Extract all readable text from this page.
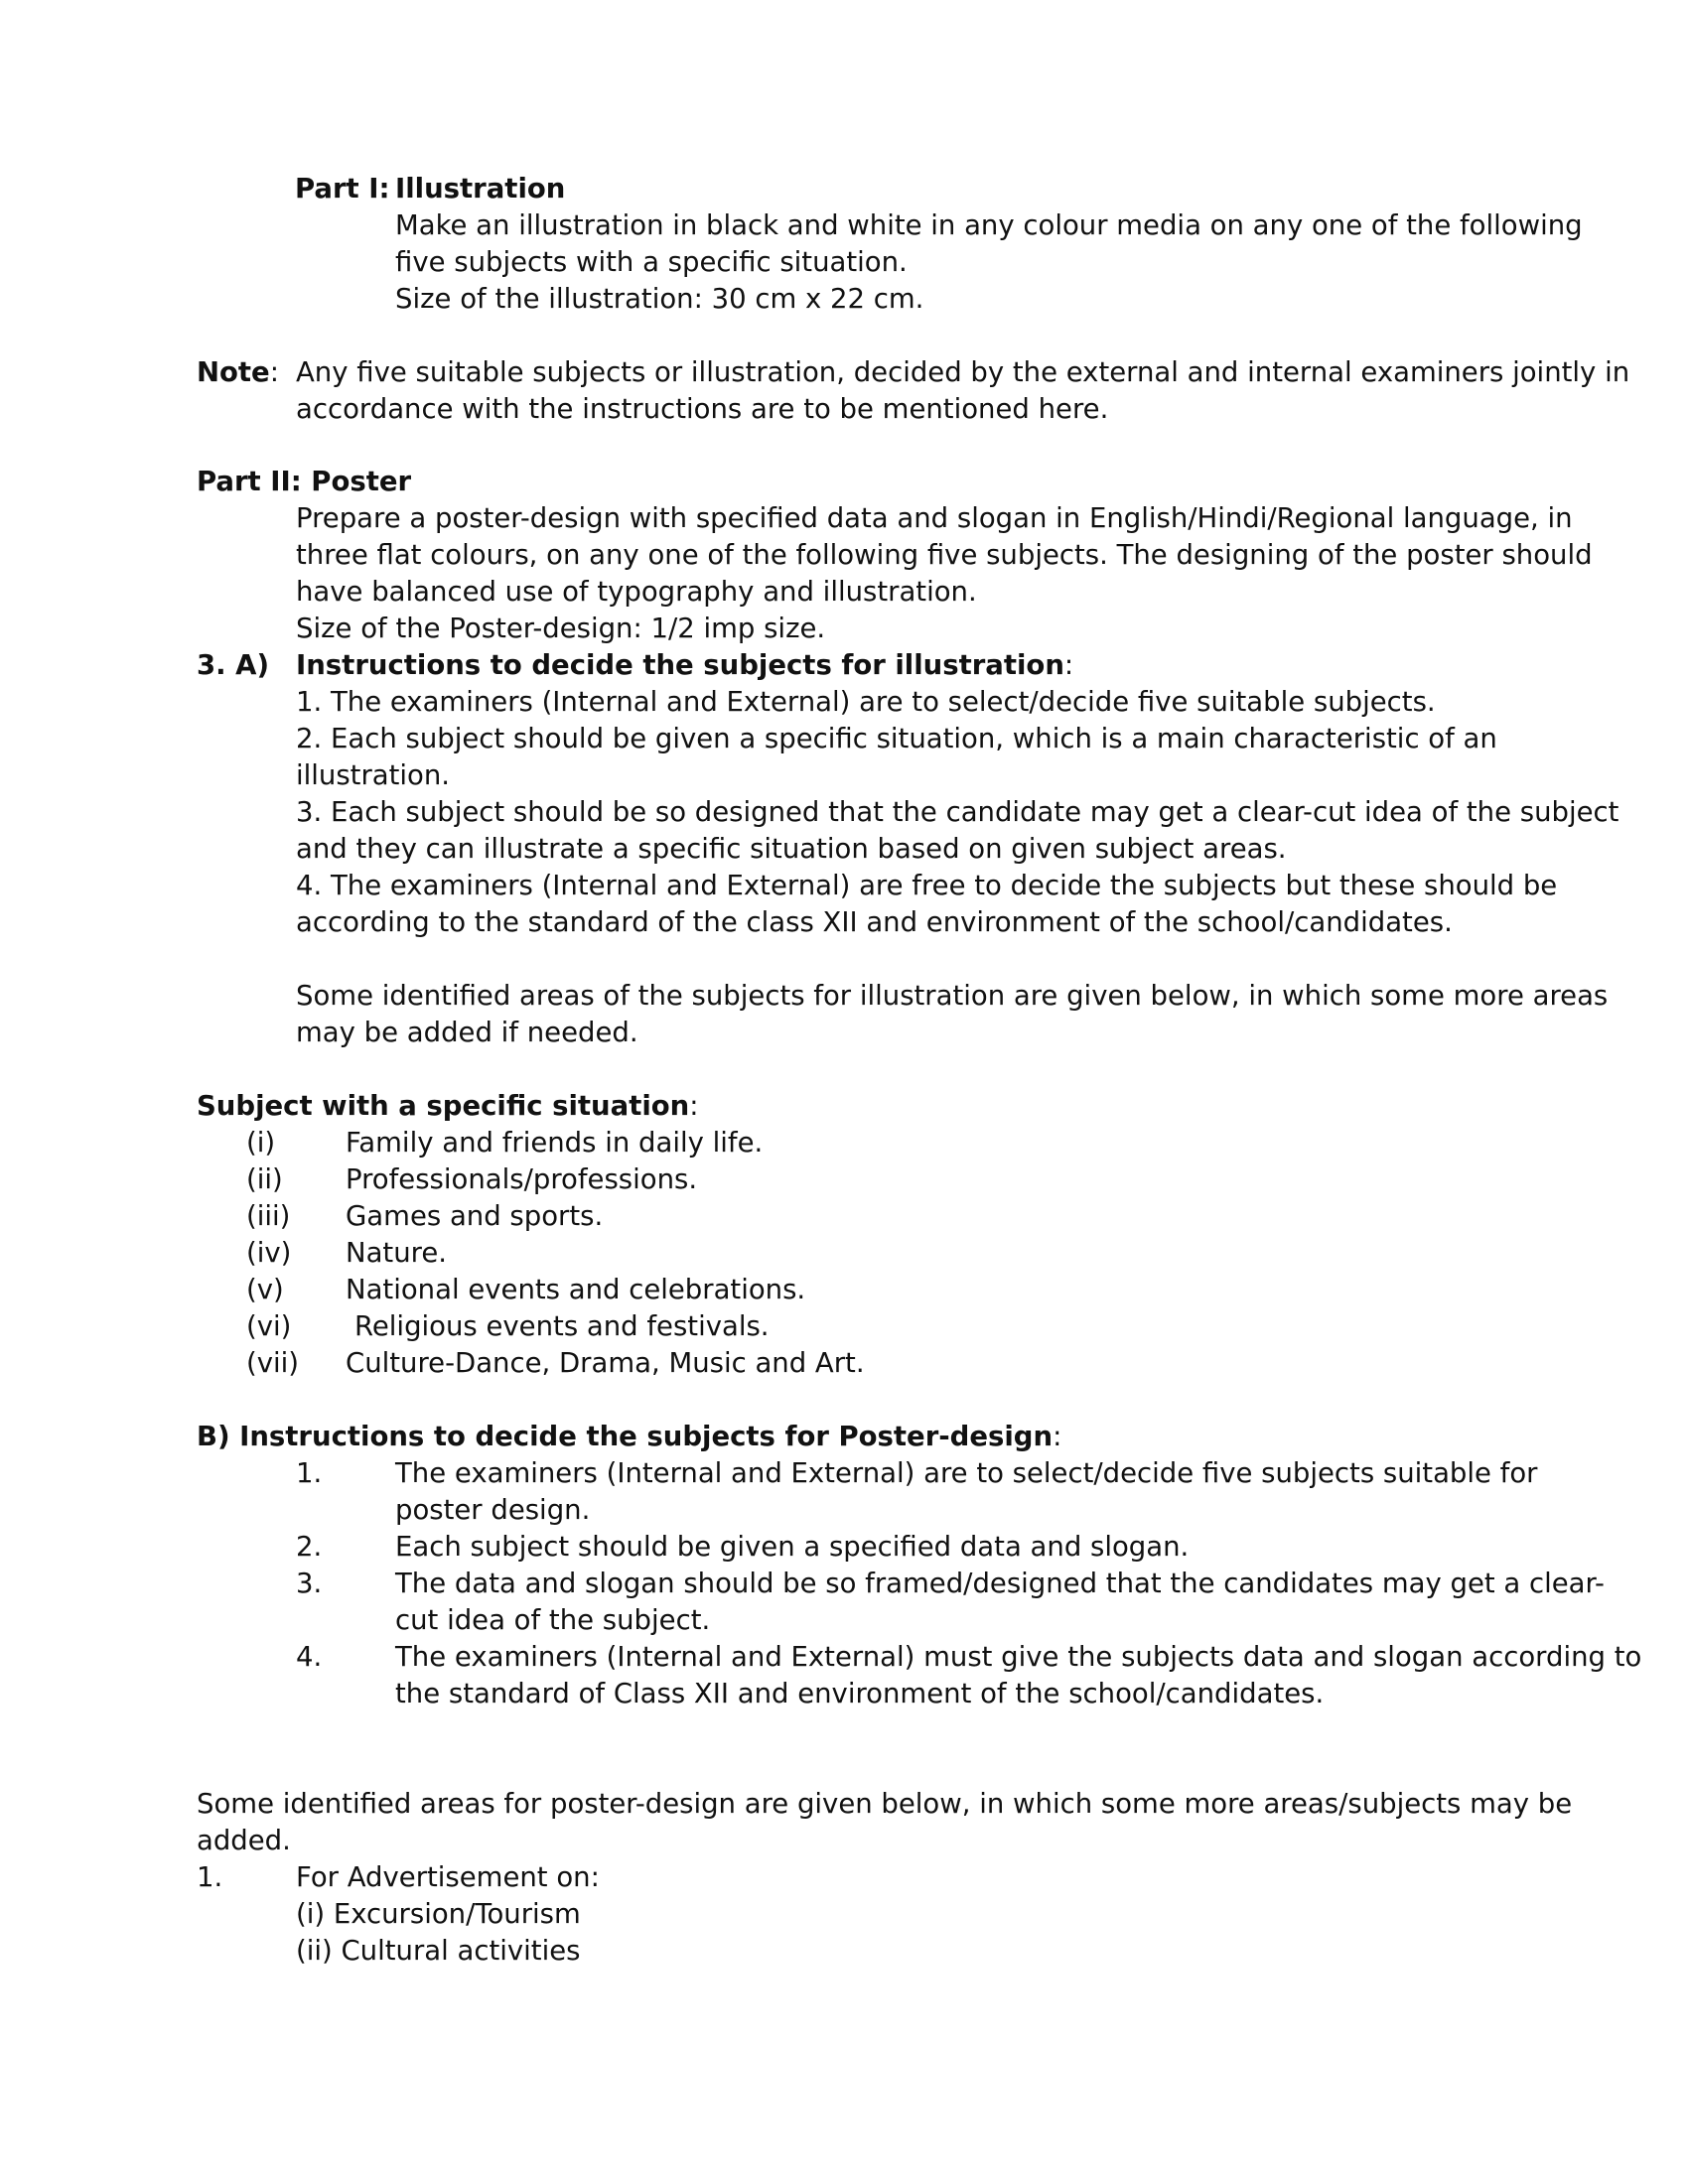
Part I: Illustration
Make an illustration in black and white in any colour media on any one of the following
five subjects with a specific situation.
Size of the illustration: 30 cm x 22 cm.
Note: Any five suitable subjects or illustration, decided by the external and internal examiners jointly in
accordance with the instructions are to be mentioned here.
Part II: Poster
Prepare a poster-design with specified data and slogan in English/Hindi/Regional language, in
three flat colours, on any one of the following five subjects. The designing of the poster should
have balanced use of typography and illustration.
Size of the Poster-design: 1/2 imp size.
3. A) Instructions to decide the subjects for illustration:
1. The examiners (Internal and External) are to select/decide five suitable subjects.
2. Each subject should be given a specific situation, which is a main characteristic of an
illustration.
3. Each subject should be so designed that the candidate may get a clear-cut idea of the subject
and they can illustrate a specific situation based on given subject areas.
4. The examiners (Internal and External) are free to decide the subjects but these should be
according to the standard of the class XII and environment of the school/candidates.
Some identified areas of the subjects for illustration are given below, in which some more areas
may be added if needed.
Subject with a specific situation:
(i)	Family and friends in daily life.
(ii) Professionals/professions.
(iii) Games and sports.
(iv) Nature.
(v) National events and celebrations.
(vi) Religious events and festivals.
(vii) Culture-Dance, Drama, Music and Art.
B) Instructions to decide the subjects for Poster-design:
1.	The examiners (Internal and External) are to select/decide five subjects suitable for
poster design.
2.	Each subject should be given a specified data and slogan.
3.	The data and slogan should be so framed/designed that the candidates may get a clear-
cut idea of the subject.
4.	The examiners (Internal and External) must give the subjects data and slogan according to
the standard of Class XII and environment of the school/candidates.
Some identified areas for poster-design are given below, in which some more areas/subjects may be
added.
1.	For Advertisement on:
(i) Excursion/Tourism
(ii) Cultural activities
